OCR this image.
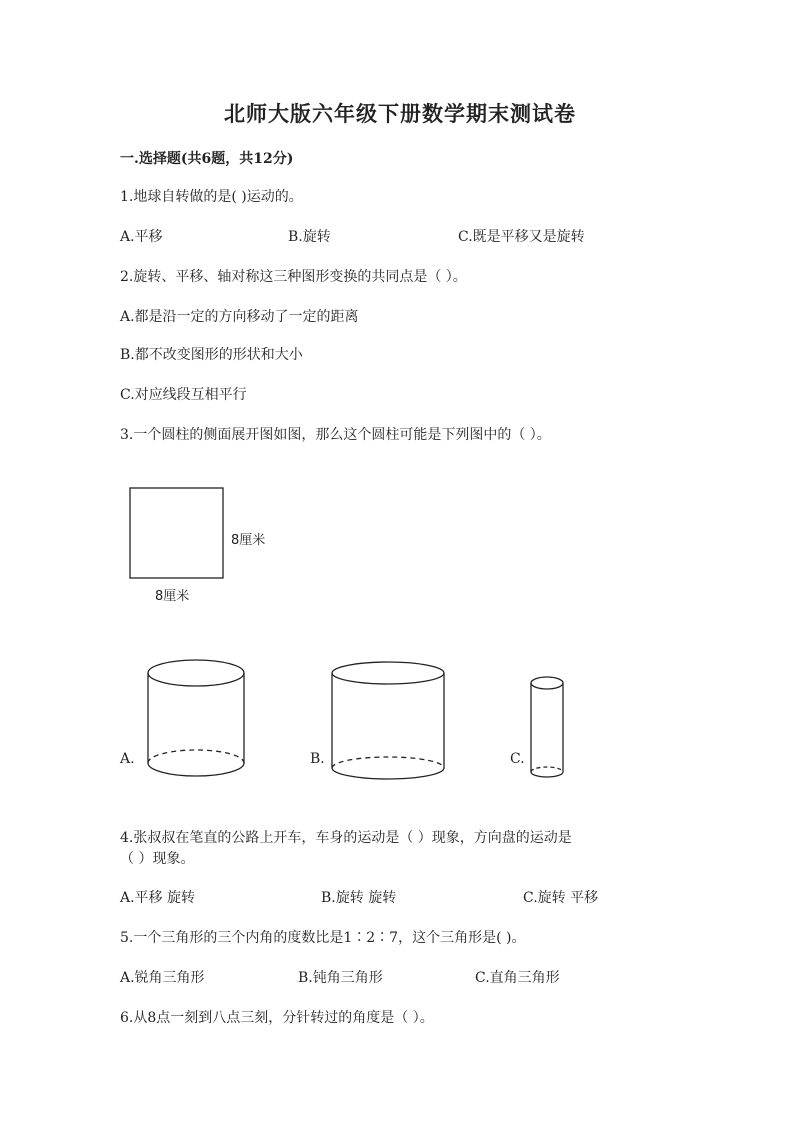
北师大版六年级下册数学期末测试卷
一.选择题(共6题，共12分)
1.地球自转做的是( )运动的。
A.平移	B.旋转	C.既是平移又是旋转
2.旋转、平移、轴对称这三种图形变换的共同点是（ ）。
A.都是沿一定的方向移动了一定的距离
B.都不改变图形的形状和大小
C.对应线段互相平行
3.一个圆柱的侧面展开图如图，那么这个圆柱可能是下列图中的（ ）。
8厘米
8厘米
A.	B.	C.
4.张叔叔在笔直的公路上开车，车身的运动是（ ）现象，方向盘的运动是
（ ）现象。
A.平移 旋转	B.旋转 旋转	C.旋转 平移
5.一个三角形的三个内角的度数比是1∶2∶7，这个三角形是( )。
A.锐角三角形	B.钝角三角形	C.直角三角形
6.从8点一刻到八点三刻，分针转过的角度是（ ）。
